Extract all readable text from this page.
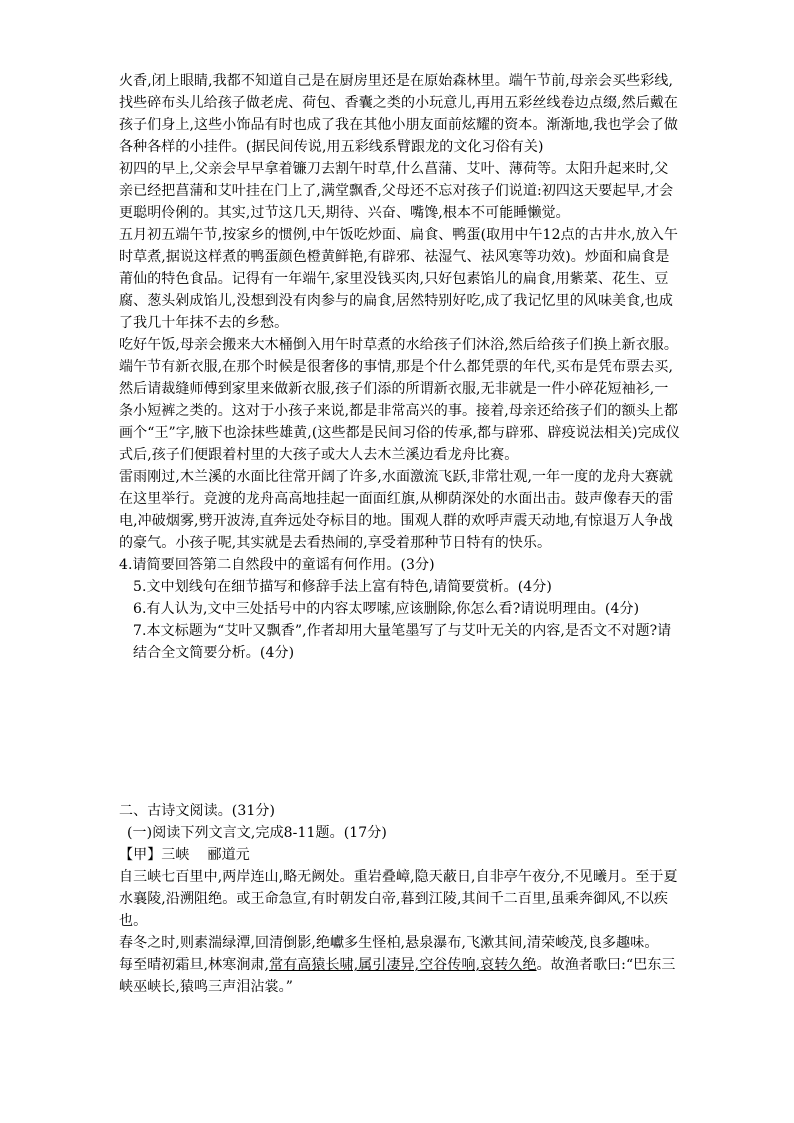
火香,闭上眼睛,我都不知道自己是在厨房里还是在原始森林里。端午节前,母亲会买些彩线,找些碎布头儿给孩子做老虎、荷包、香囊之类的小玩意儿,再用五彩丝线卷边点缀,然后戴在孩子们身上,这些小饰品有时也成了我在其他小朋友面前炫耀的资本。渐渐地,我也学会了做各种各样的小挂件。(据民间传说,用五彩线系臂跟龙的文化习俗有关)

初四的早上,父亲会早早拿着镰刀去割午时草,什么菖蒲、艾叶、薄荷等。太阳升起来时,父亲已经把菖蒲和艾叶挂在门上了,满堂飘香,父母还不忘对孩子们说道:初四这天要起早,才会更聪明伶俐的。其实,过节这几天,期待、兴奋、嘴馋,根本不可能睡懒觉。

五月初五端午节,按家乡的惯例,中午饭吃炒面、扁食、鸭蛋(取用中午12点的古井水,放入午时草煮,据说这样煮的鸭蛋颜色橙黄鲜艳,有辟邪、祛湿气、祛风寒等功效)。炒面和扁食是莆仙的特色食品。记得有一年端午,家里没钱买肉,只好包素馅儿的扁食,用紫菜、花生、豆腐、葱头剁成馅儿,没想到没有肉参与的扁食,居然特别好吃,成了我记忆里的风味美食,也成了我几十年抹不去的乡愁。

吃好午饭,母亲会搬来大木桶倒入用午时草煮的水给孩子们沐浴,然后给孩子们换上新衣服。端午节有新衣服,在那个时候是很奢侈的事情,那是个什么都凭票的年代,买布是凭布票去买,然后请裁缝师傅到家里来做新衣服,孩子们添的所谓新衣服,无非就是一件小碎花短袖衫,一条小短裤之类的。这对于小孩子来说,都是非常高兴的事。接着,母亲还给孩子们的额头上都画个“王”字,腋下也涂抹些雄黄,(这些都是民间习俗的传承,都与辟邪、辟疫说法相关)完成仪式后,孩子们便跟着村里的大孩子或大人去木兰溪边看龙舟比赛。

雷雨刚过,木兰溪的水面比往常开阔了许多,水面激流飞跃,非常壮观,一年一度的龙舟大赛就在这里举行。竞渡的龙舟高高地挂起一面面红旗,从柳荫深处的水面出击。鼓声像春天的雷电,冲破烟雾,劈开波涛,直奔远处夺标目的地。围观人群的欢呼声震天动地,有惊退万人争战的豪气。小孩子呢,其实就是去看热闹的,享受着那种节日特有的快乐。

4.请简要回答第二自然段中的童谣有何作用。(3分)

5.文中划线句在细节描写和修辞手法上富有特色,请简要赏析。(4分)

6.有人认为,文中三处括号中的内容太啰嗦,应该删除,你怎么看?请说明理由。(4分)

7.本文标题为“艾叶又飘香”,作者却用大量笔墨写了与艾叶无关的内容,是否文不对题?请结合全文简要分析。(4分)

二、古诗文阅读。(31分)

(一)阅读下列文言文,完成8-11题。(17分)

【甲】三峡 郦道元

自三峡七百里中,两岸连山,略无阙处。重岩叠嶂,隐天蔽日,自非亭午夜分,不见曦月。至于夏水襄陵,沿溯阻绝。或王命急宣,有时朝发白帝,暮到江陵,其间千二百里,虽乘奔御风,不以疾也。

春冬之时,则素湍绿潭,回清倒影,绝巘多生怪柏,悬泉瀑布,飞漱其间,清荣峻茂,良多趣味。

每至晴初霜旦,林寒涧肃,常有高猿长啸,属引凄异,空谷传响,哀转久绝。故渔者歌曰:“巴东三峡巫峡长,猿鸣三声泪沾裳。”
